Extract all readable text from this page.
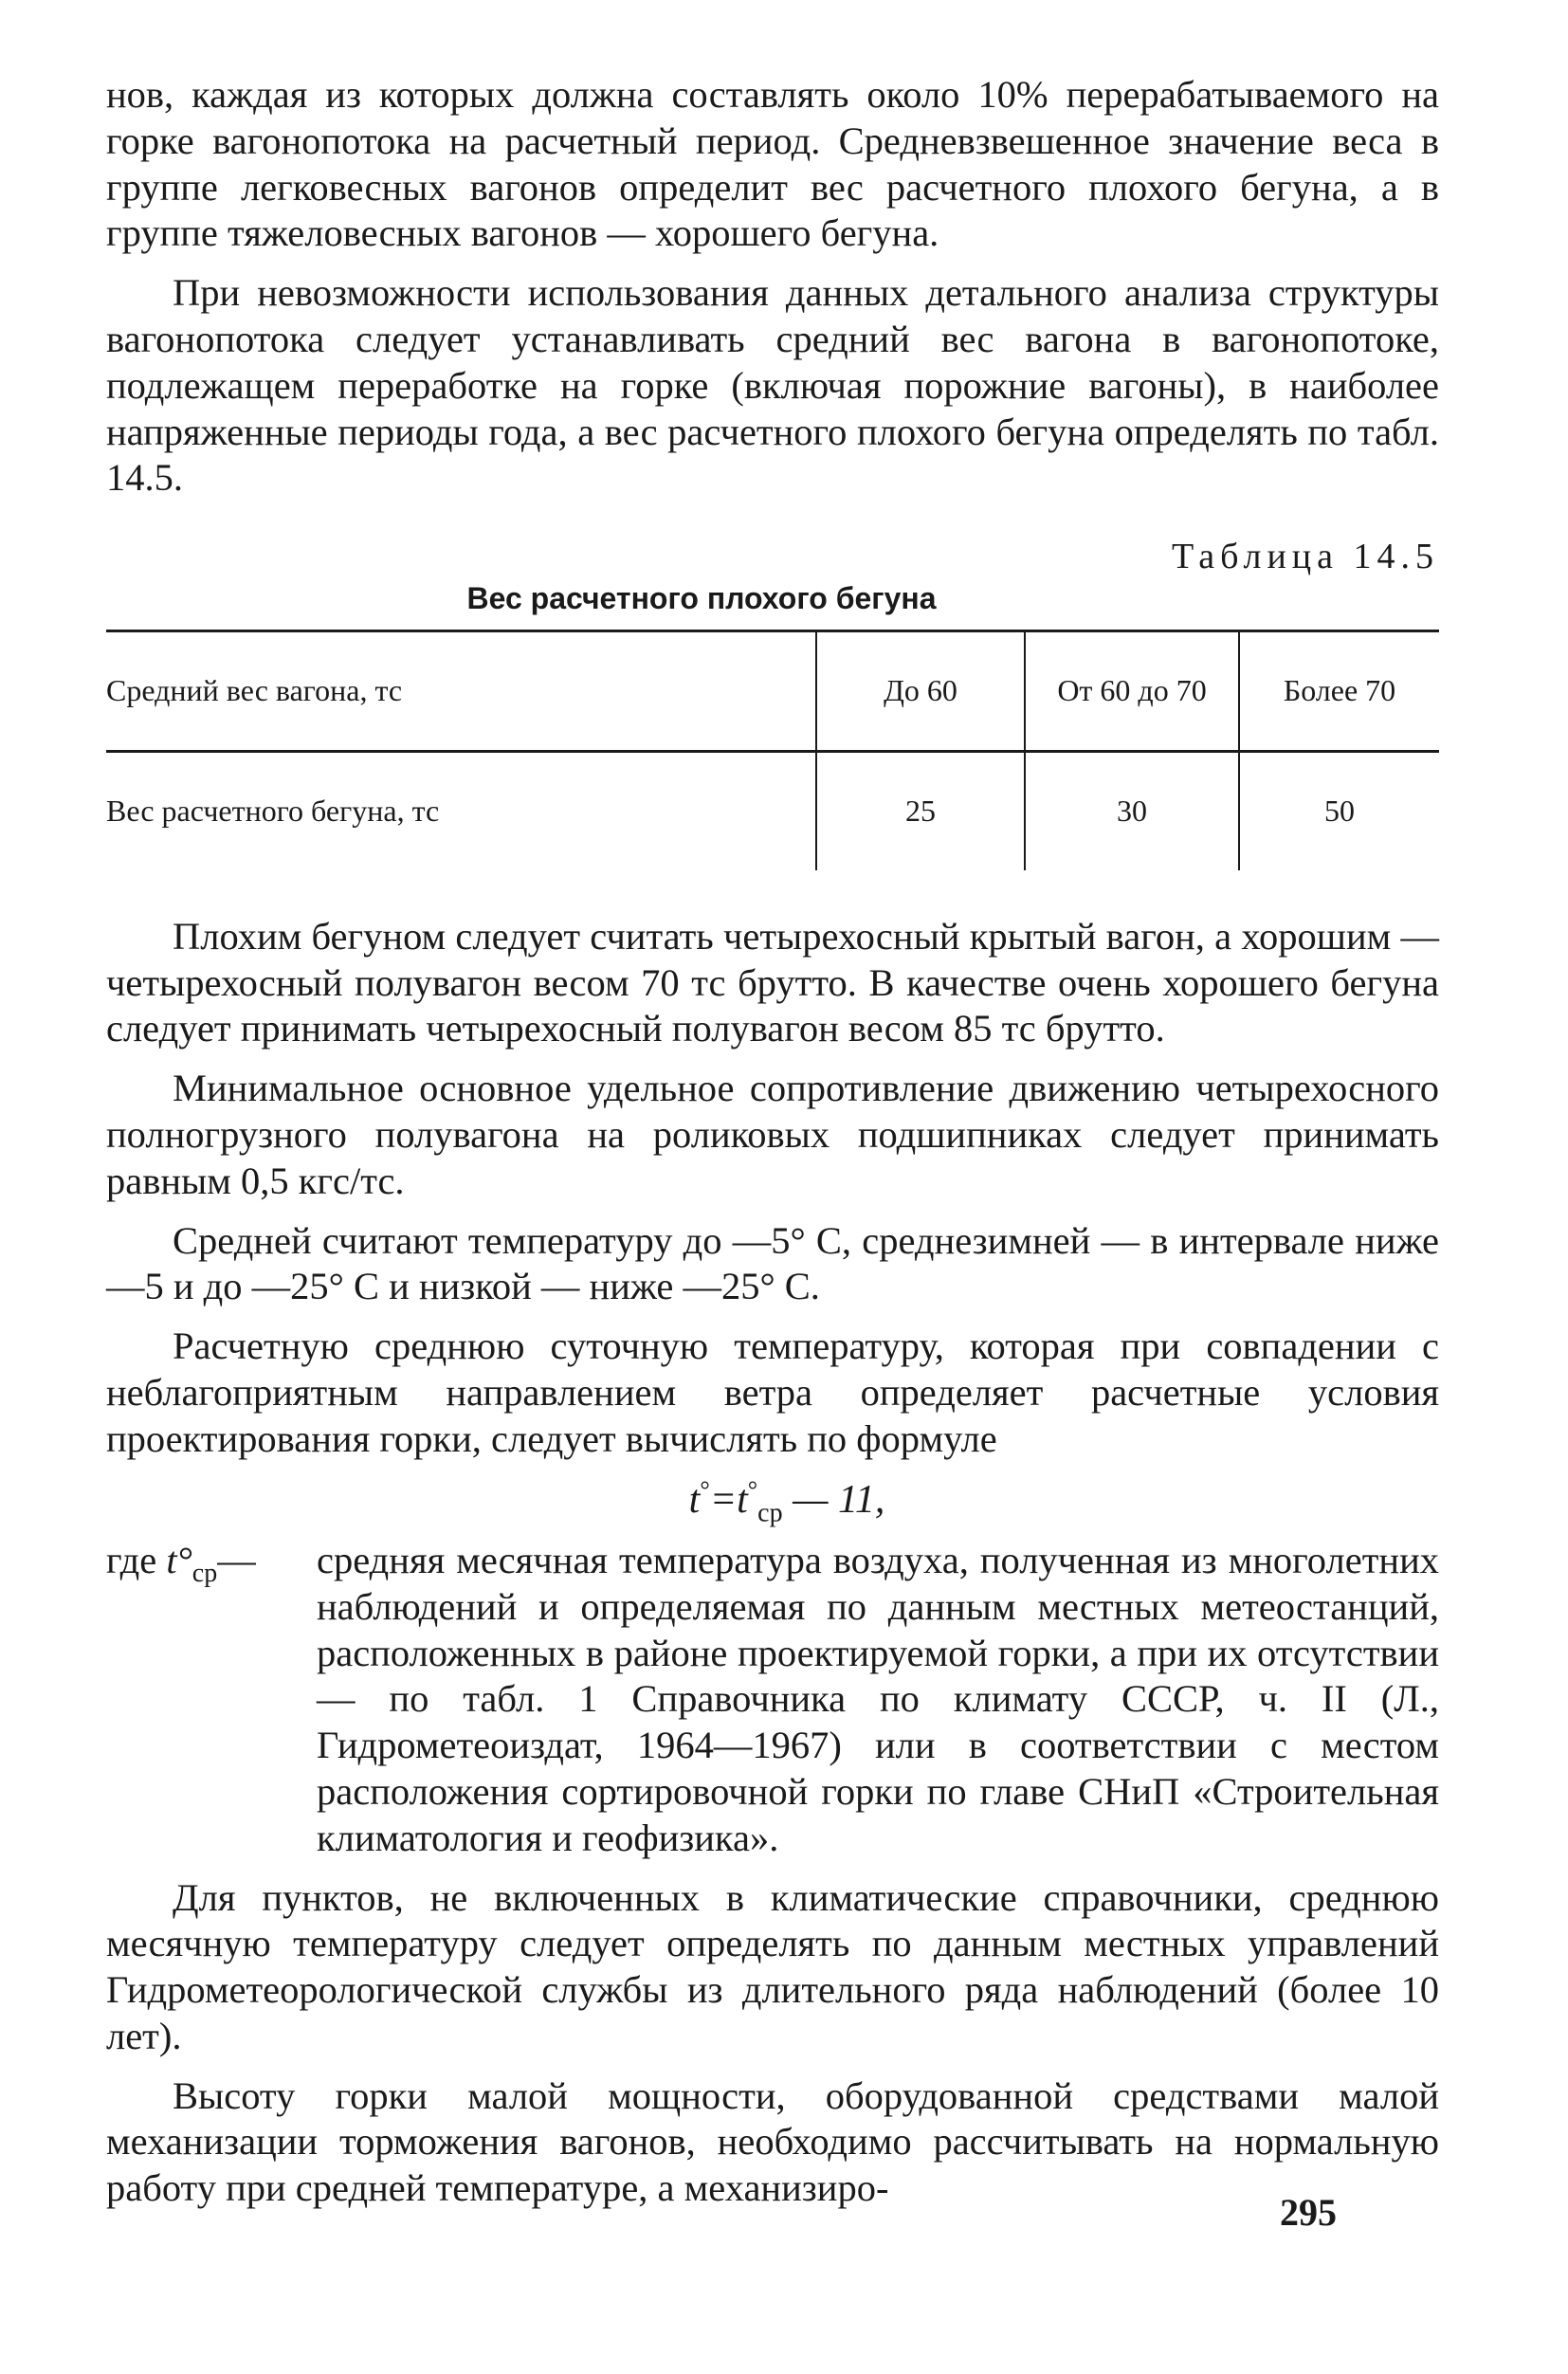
нов, каждая из которых должна составлять около 10% перерабатываемого на горке вагонопотока на расчетный период. Средневзвешенное значение веса в группе легковесных вагонов определит вес расчетного плохого бегуна, а в группе тяжеловесных вагонов — хорошего бегуна.

При невозможности использования данных детального анализа структуры вагонопотока следует устанавливать средний вес вагона в вагонопотоке, подлежащем переработке на горке (включая порожние вагоны), в наиболее напряженные периоды года, а вес расчетного плохого бегуна определять по табл. 14.5.

Таблица 14.5
Вес расчетного плохого бегуна
Средний вес вагона, тс	До 60	От 60 до 70	Более 70
Вес расчетного бегуна, тс	25	30	50

Плохим бегуном следует считать четырехосный крытый вагон, а хорошим — четырехосный полувагон весом 70 тс брутто. В качестве очень хорошего бегуна следует принимать четырехосный полувагон весом 85 тс брутто.

Минимальное основное удельное сопротивление движению четырехосного полногрузного полувагона на роликовых подшипниках следует принимать равным 0,5 кгс/тс.

Средней считают температуру до —5° С, среднезимней — в интервале ниже —5 и до —25° С и низкой — ниже —25° С.

Расчетную среднюю суточную температуру, которая при совпадении с неблагоприятным направлением ветра определяет расчетные условия проектирования горки, следует вычислять по формуле

$t^\circ=t^\circ_{ср}$ — 11,
где $t^\circ_{ср}—$	средняя месячная температура воздуха, полученная из многолетних наблюдений и определяемая по данным местных метеостанций, расположенных в районе проектируемой горки, а при их отсутствии — по табл. 1 Справочника по климату СССР, ч. II (Л., Гидрометеоиздат, 1964—1967) или в соответствии с местом расположения сортировочной горки по главе СНиП «Строительная климатология и геофизика».

Для пунктов, не включенных в климатические справочники, среднюю месячную температуру следует определять по данным местных управлений Гидрометеорологической службы из длительного ряда наблюдений (более 10 лет).

Высоту горки малой мощности, оборудованной средствами малой механизации торможения вагонов, необходимо рассчитывать на нормальную работу при средней температуре, а механизиро-

295
